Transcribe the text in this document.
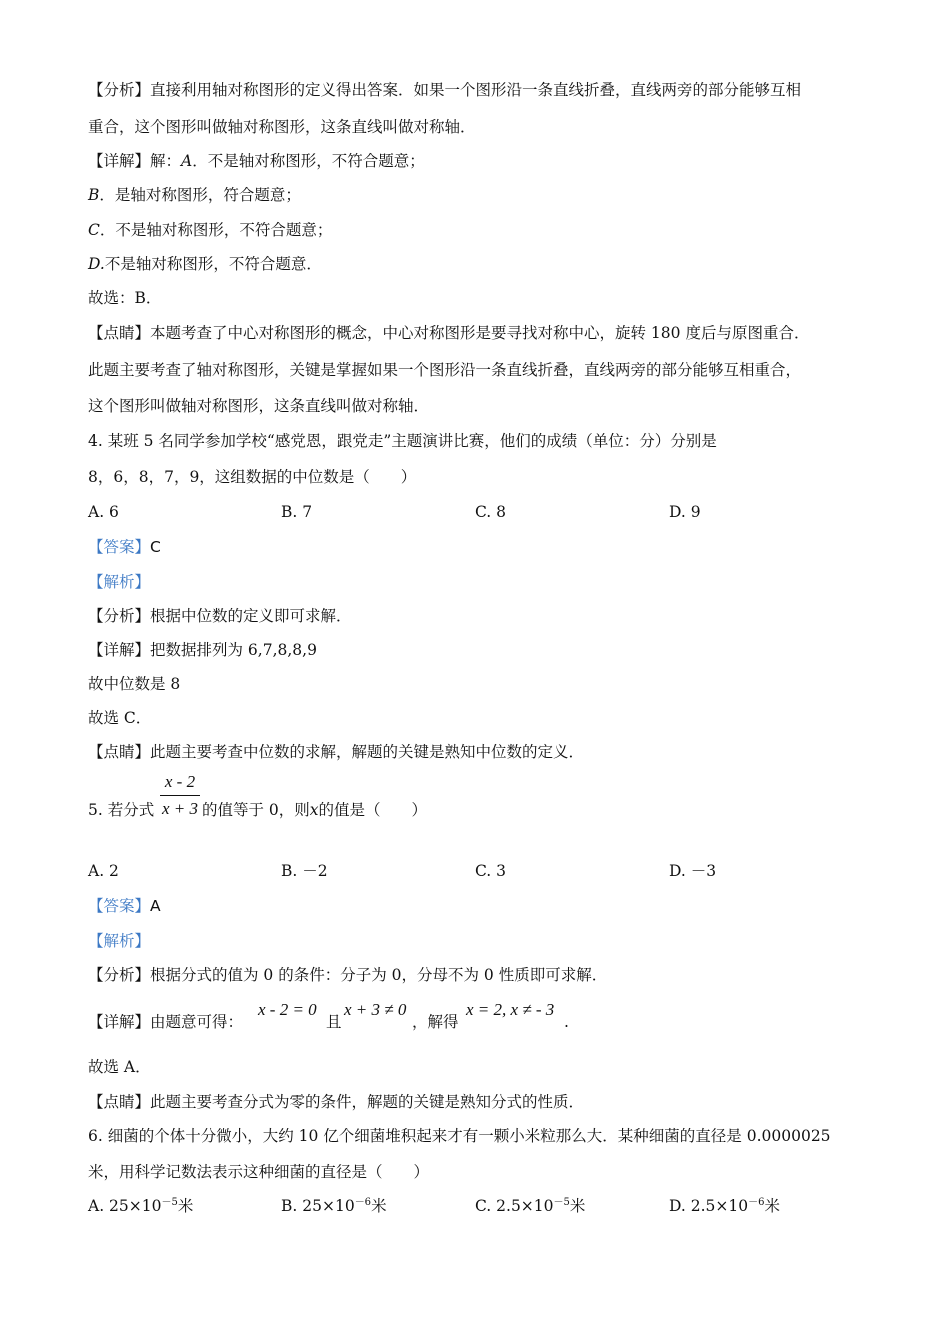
【分析】直接利用轴对称图形的定义得出答案．如果一个图形沿一条直线折叠，直线两旁的部分能够互相
重合，这个图形叫做轴对称图形，这条直线叫做对称轴．
【详解】解：A．不是轴对称图形，不符合题意；
B．是轴对称图形，符合题意；
C．不是轴对称图形，不符合题意；
D.不是轴对称图形，不符合题意．
故选：B．
【点睛】本题考查了中心对称图形的概念，中心对称图形是要寻找对称中心，旋转 180 度后与原图重合．
此题主要考查了轴对称图形，关键是掌握如果一个图形沿一条直线折叠，直线两旁的部分能够互相重合，
这个图形叫做轴对称图形，这条直线叫做对称轴．
4. 某班 5 名同学参加学校“感党恩，跟党走”主题演讲比赛，他们的成绩（单位：分）分别是
8，6，8，7，9，这组数据的中位数是（　　）
A. 6	B. 7	C. 8	D. 9
【答案】C
【解析】
【分析】根据中位数的定义即可求解．
【详解】把数据排列为 6,7,8,8,9
故中位数是 8
故选 C．
【点睛】此题主要考查中位数的求解，解题的关键是熟知中位数的定义．
$\frac{x - 2}{x + 3}$
5. 若分式	的值等于 0，则x的值是（　　）
A. 2	B. －2	C. 3	D. －3
【答案】A
【解析】
【分析】根据分式的值为 0 的条件：分子为 0，分母不为 0 性质即可求解．
【详解】由题意可得：
x - 2 = 0
且
x + 3 ≠ 0
，解得
x = 2, x ≠ - 3
.
故选 A．
【点睛】此题主要考查分式为零的条件，解题的关键是熟知分式的性质．
6. 细菌的个体十分微小，大约 10 亿个细菌堆积起来才有一颗小米粒那么大．某种细菌的直径是 0.0000025
米，用科学记数法表示这种细菌的直径是（　　）
A. $25\times 10^{-5}$米	B. $25\times 10^{-6}$米	C. $2.5\times 10^{-5}$米	D. $2.5\times 10^{-6}$米
